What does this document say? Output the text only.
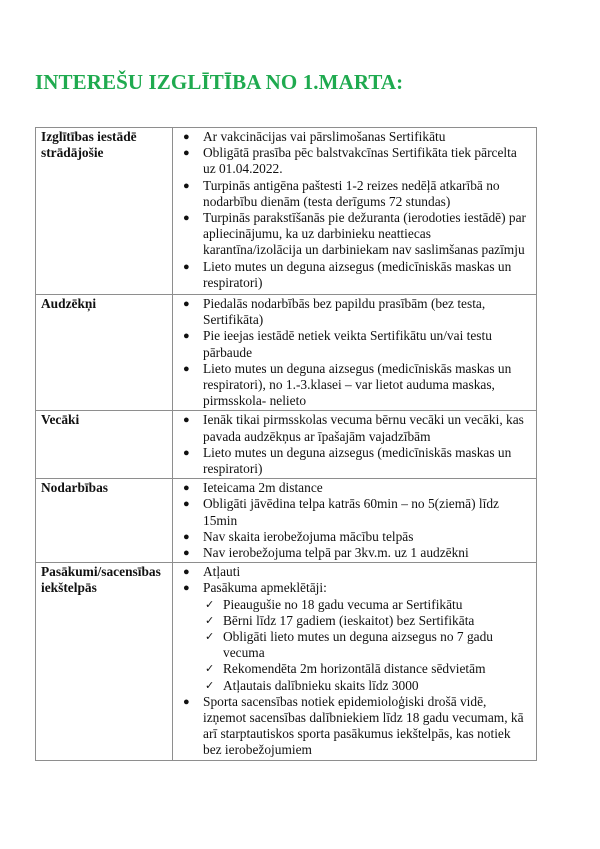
INTEREŠU IZGLĪTĪBA NO 1.MARTA:
Izglītības iestādē strādājošie	
● Ar vakcinācijas vai pārslimošanas Sertifikātu
● Obligātā prasība pēc balstvakcīnas Sertifikāta tiek pārcelta uz 01.04.2022.
● Turpinās antigēna paštesti 1-2 reizes nedēļā atkarībā no nodarbību dienām (testa derīgums 72 stundas)
● Turpinās parakstīšanās pie dežuranta (ierodoties iestādē) par apliecinājumu, ka uz darbinieku neattiecas karantīna/izolācija un darbiniekam nav saslimšanas pazīmju
● Lieto mutes un deguna aizsegus (medicīniskās maskas un respiratori)

Audzēkņi	● Piedalās nodarbībās bez papildu prasībām (bez testa, Sertifikāta)
● Pie ieejas iestādē netiek veikta Sertifikātu un/vai testu pārbaude
● Lieto mutes un deguna aizsegus (medicīniskās maskas un respiratori), no 1.-3.klasei – var lietot auduma maskas, pirmsskola- nelieto

Vecāki	● Ienāk tikai pirmsskolas vecuma bērnu vecāki un vecāki, kas pavada audzēkņus ar īpašajām vajadzībām
● Lieto mutes un deguna aizsegus (medicīniskās maskas un respiratori)

Nodarbības	● Ieteicama 2m distance
● Obligāti jāvēdina telpa katrās 60min – no 5(ziemā) līdz 15min
● Nav skaita ierobežojuma mācību telpās
● Nav ierobežojuma telpā par 3kv.m. uz 1 audzēkni

Pasākumi/sacensības iekštelpās	
● Atļauti
● Pasākuma apmeklētāji:
✓ Pieaugušie no 18 gadu vecuma ar Sertifikātu
✓ Bērni līdz 17 gadiem (ieskaitot) bez Sertifikāta
✓ Obligāti lieto mutes un deguna aizsegus no 7 gadu vecuma
✓ Rekomendēta 2m horizontālā distance sēdvietām
✓ Atļautais dalībnieku skaits līdz 3000
● Sporta sacensības notiek epidemioloģiski drošā vidē, izņemot sacensības dalībniekiem līdz 18 gadu vecumam, kā arī starptautiskos sporta pasākumus iekštelpās, kas notiek bez ierobežojumiem
